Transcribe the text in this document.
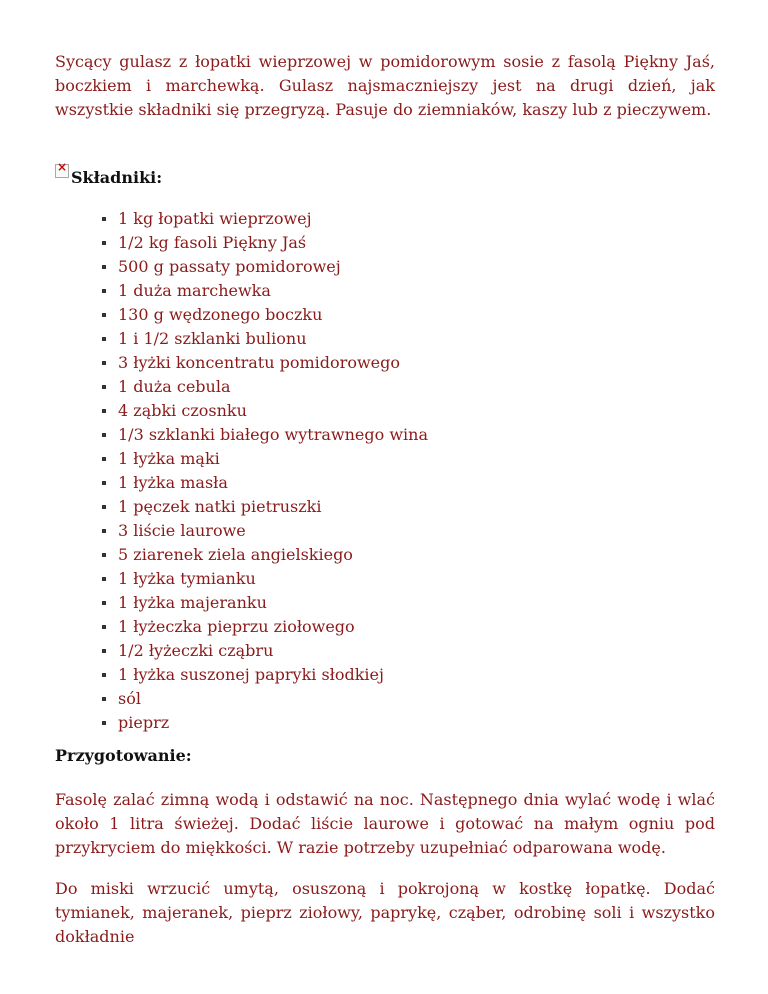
Sycący gulasz z łopatki wieprzowej w pomidorowym sosie z fasolą Piękny Jaś, boczkiem i marchewką. Gulasz najsmaczniejszy jest na drugi dzień, jak wszystkie składniki się przegryzą. Pasuje do ziemniaków, kaszy lub z pieczywem.

×
Składniki:
1 kg łopatki wieprzowej
1/2 kg fasoli Piękny Jaś
500 g passaty pomidorowej
1 duża marchewka
130 g wędzonego boczku
1 i 1/2 szklanki bulionu
3 łyżki koncentratu pomidorowego
1 duża cebula
4 ząbki czosnku
1/3 szklanki białego wytrawnego wina
1 łyżka mąki
1 łyżka masła
1 pęczek natki pietruszki
3 liście laurowe
5 ziarenek ziela angielskiego
1 łyżka tymianku
1 łyżka majeranku
1 łyżeczka pieprzu ziołowego
1/2 łyżeczki cząbru
1 łyżka suszonej papryki słodkiej
sól
pieprz
Przygotowanie:

Fasolę zalać zimną wodą i odstawić na noc. Następnego dnia wylać wodę i wlać około 1 litra świeżej. Dodać liście laurowe i gotować na małym ogniu pod przykryciem do miękkości. W razie potrzeby uzupełniać odparowana wodę.

Do miski wrzucić umytą, osuszoną i pokrojoną w kostkę łopatkę. Dodać tymianek, majeranek, pieprz ziołowy, paprykę, cząber, odrobinę soli i wszystko dokładnie
